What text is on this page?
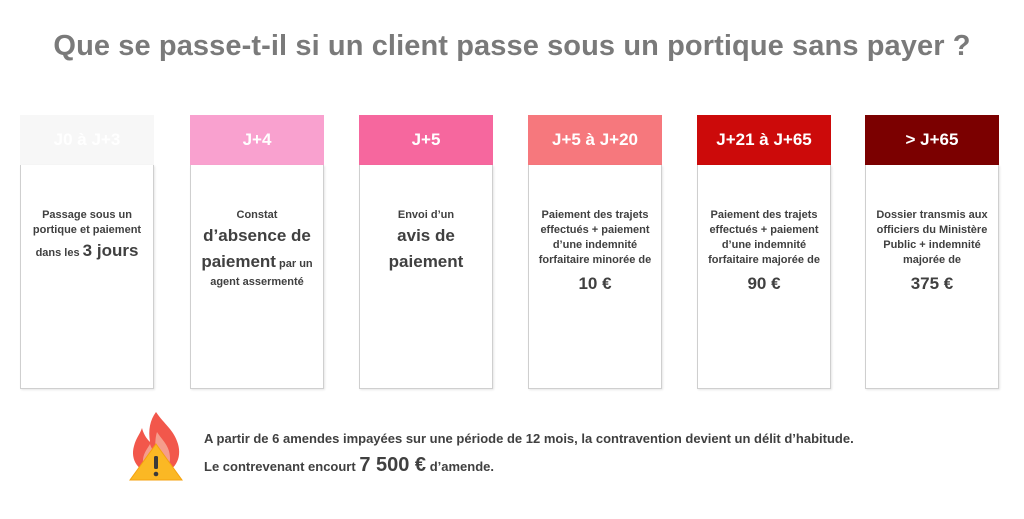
Que se passe-t-il si un client passe sous un portique sans payer ?
J0 à J+3
Passage sous un portique et paiement
dans les 3 jours
J+4
Constat
d’absence de paiement par un agent assermenté
J+5
Envoi d’un
avis de paiement
J+5 à J+20
Paiement des trajets effectués + paiement d’une indemnité forfaitaire minorée de
10 €
J+21 à J+65
Paiement des trajets effectués + paiement d’une indemnité forfaitaire majorée de
90 €
> J+65
Dossier transmis aux officiers du Ministère Public + indemnité majorée de
375 €
A partir de 6 amendes impayées sur une période de 12 mois, la contravention devient un délit d’habitude.
Le contrevenant encourt 7 500 € d’amende.
